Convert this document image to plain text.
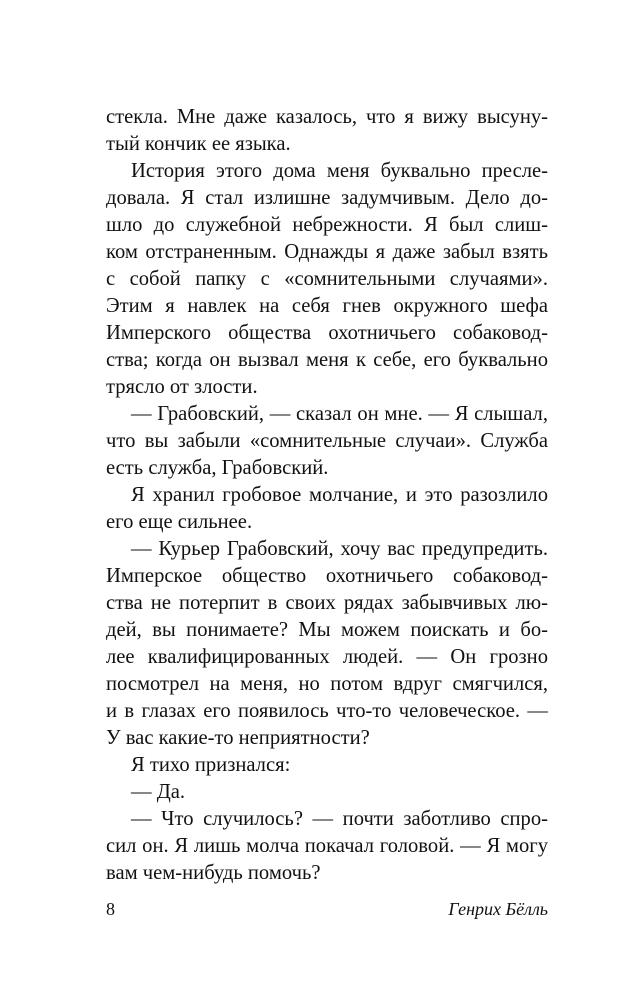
стекла. Мне даже казалось, что я вижу высуну-
тый кончик ее языка.
История этого дома меня буквально пресле-
довала. Я стал излишне задумчивым. Дело до-
шло до служебной небрежности. Я был слиш-
ком отстраненным. Однажды я даже забыл взять
с собой папку с «сомнительными случаями».
Этим я навлек на себя гнев окружного шефа
Имперского общества охотничьего собаковод-
ства; когда он вызвал меня к себе, его буквально
трясло от злости.
— Грабовский, — сказал он мне. — Я слышал,
что вы забыли «сомнительные случаи». Служба
есть служба, Грабовский.
Я хранил гробовое молчание, и это разозлило
его еще сильнее.
— Курьер Грабовский, хочу вас предупредить.
Имперское общество охотничьего собаковод-
ства не потерпит в своих рядах забывчивых лю-
дей, вы понимаете? Мы можем поискать и бо-
лее квалифицированных людей. — Он грозно
посмотрел на меня, но потом вдруг смягчился,
и в глазах его появилось что-то человеческое. —
У вас какие-то неприятности?
Я тихо признался:
— Да.
— Что случилось? — почти заботливо спро-
сил он. Я лишь молча покачал головой. — Я могу
вам чем-нибудь помочь?
8	Генрих Бёлль
